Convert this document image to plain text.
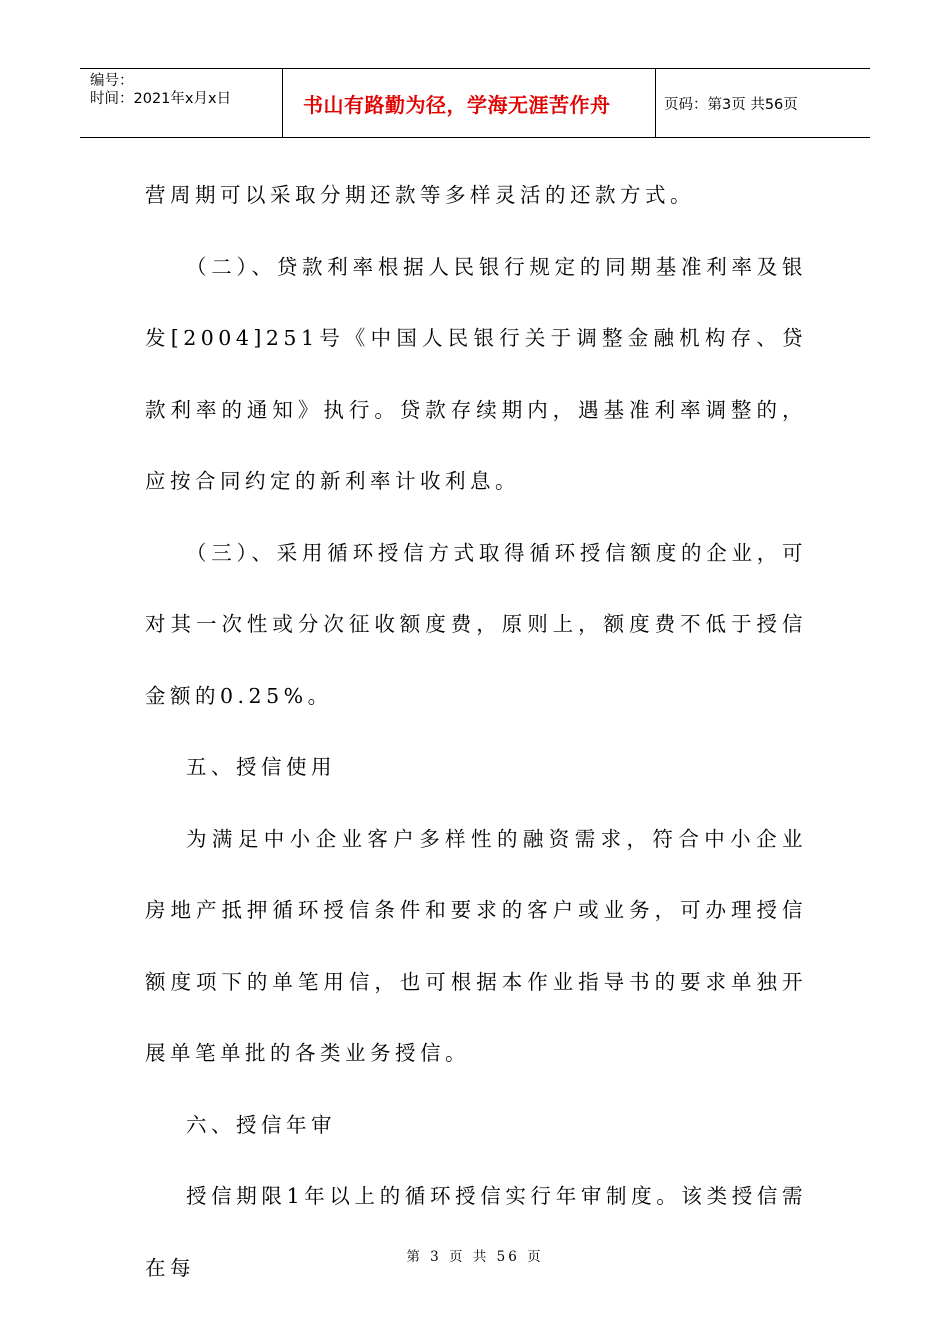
编号：
时间：2021年x月x日	书山有路勤为径，学海无涯苦作舟	页码：第3页 共56页

营周期可以采取分期还款等多样灵活的还款方式。

（二）、贷款利率根据人民银行规定的同期基准利率及银发[2004]251号《中国人民银行关于调整金融机构存、贷款利率的通知》执行。贷款存续期内，遇基准利率调整的，应按合同约定的新利率计收利息。

（三）、采用循环授信方式取得循环授信额度的企业，可对其一次性或分次征收额度费，原则上，额度费不低于授信金额的0.25%。

五、授信使用

为满足中小企业客户多样性的融资需求，符合中小企业房地产抵押循环授信条件和要求的客户或业务，可办理授信额度项下的单笔用信，也可根据本作业指导书的要求单独开展单笔单批的各类业务授信。

六、授信年审

授信期限1年以上的循环授信实行年审制度。该类授信需在每	第 3 页 共 56 页
